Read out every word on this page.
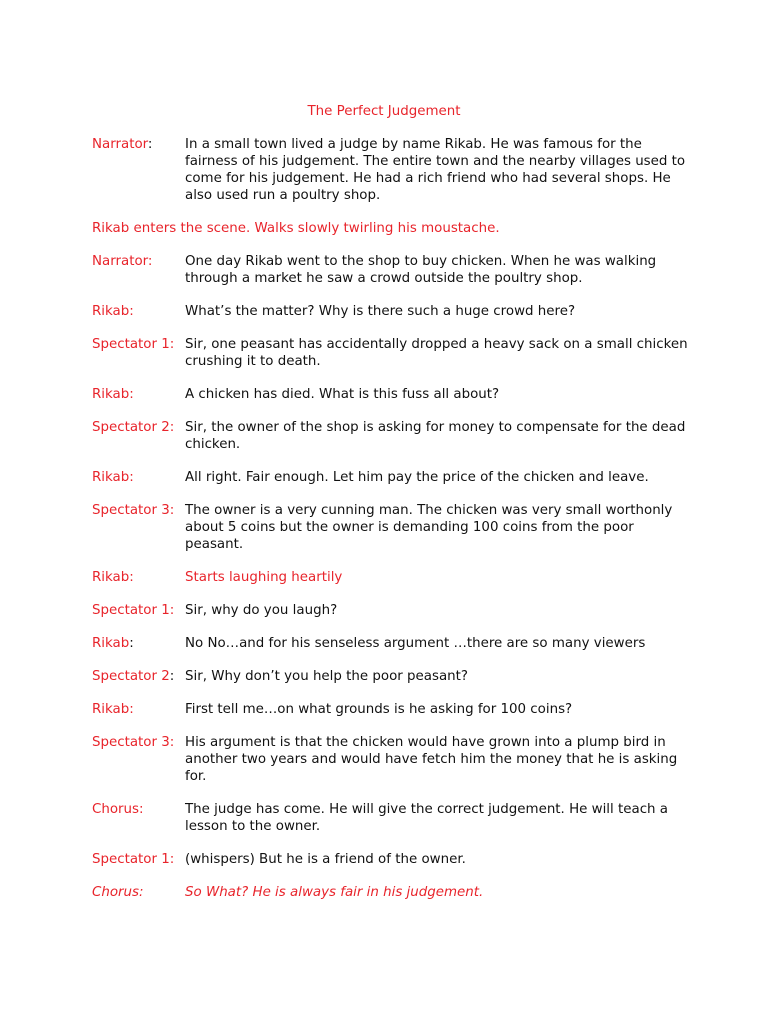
The Perfect Judgement
Narrator:	In a small town lived a judge by name Rikab. He was famous for the fairness of his judgement. The entire town and the nearby villages used to come for his judgement. He had a rich friend who had several shops. He also used run a poultry shop.
Rikab enters the scene. Walks slowly twirling his moustache.
Narrator:	One day Rikab went to the shop to buy chicken. When he was walking through a market he saw a crowd outside the poultry shop.
Rikab:	What’s the matter? Why is there such a huge crowd here?
Spectator 1: Sir, one peasant has accidentally dropped a heavy sack on a small chicken crushing it to death.
Rikab:	A chicken has died. What is this fuss all about?
Spectator 2: Sir, the owner of the shop is asking for money to compensate for the dead chicken.
Rikab:	All right. Fair enough. Let him pay the price of the chicken and leave.
Spectator 3: The owner is a very cunning man. The chicken was very small worthonly about 5 coins but the owner is demanding 100 coins from the poor peasant.
Rikab:	Starts laughing heartily
Spectator 1: Sir, why do you laugh?
Rikab:	No No…and for his senseless argument …there are so many viewers
Spectator 2: Sir, Why don’t you help the poor peasant?
Rikab:	First tell me…on what grounds is he asking for 100 coins?
Spectator 3: His argument is that the chicken would have grown into a plump bird in another two years and would have fetch him the money that he is asking for.
Chorus:	The judge has come. He will give the correct judgement. He will teach a lesson to the owner.
Spectator 1: (whispers) But he is a friend of the owner.
Chorus:	So What? He is always fair in his judgement.
